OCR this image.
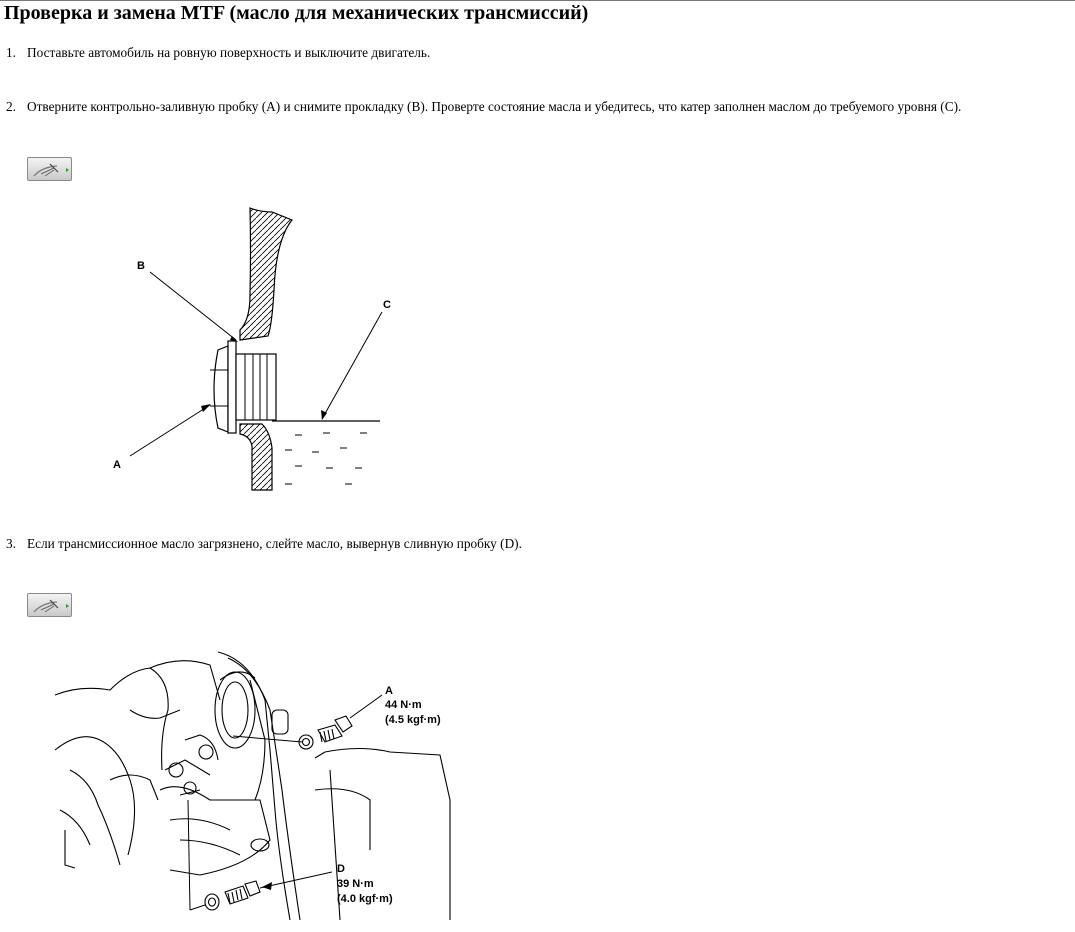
Проверка и замена MTF (масло для механических трансмиссий)
1. Поставьте автомобиль на ровную поверхность и выключите двигатель.
2. Отверните контрольно-заливную пробку (A) и снимите прокладку (B). Проверте состояние масла и убедитесь, что катер заполнен маслом до требуемого уровня (C).
B
C
A
3. Если трансмиссионное масло загрязнено, слейте масло, вывернув сливную пробку (D).
A
44 N·m
(4.5 kgf·m)
D
39 N·m
(4.0 kgf·m)
